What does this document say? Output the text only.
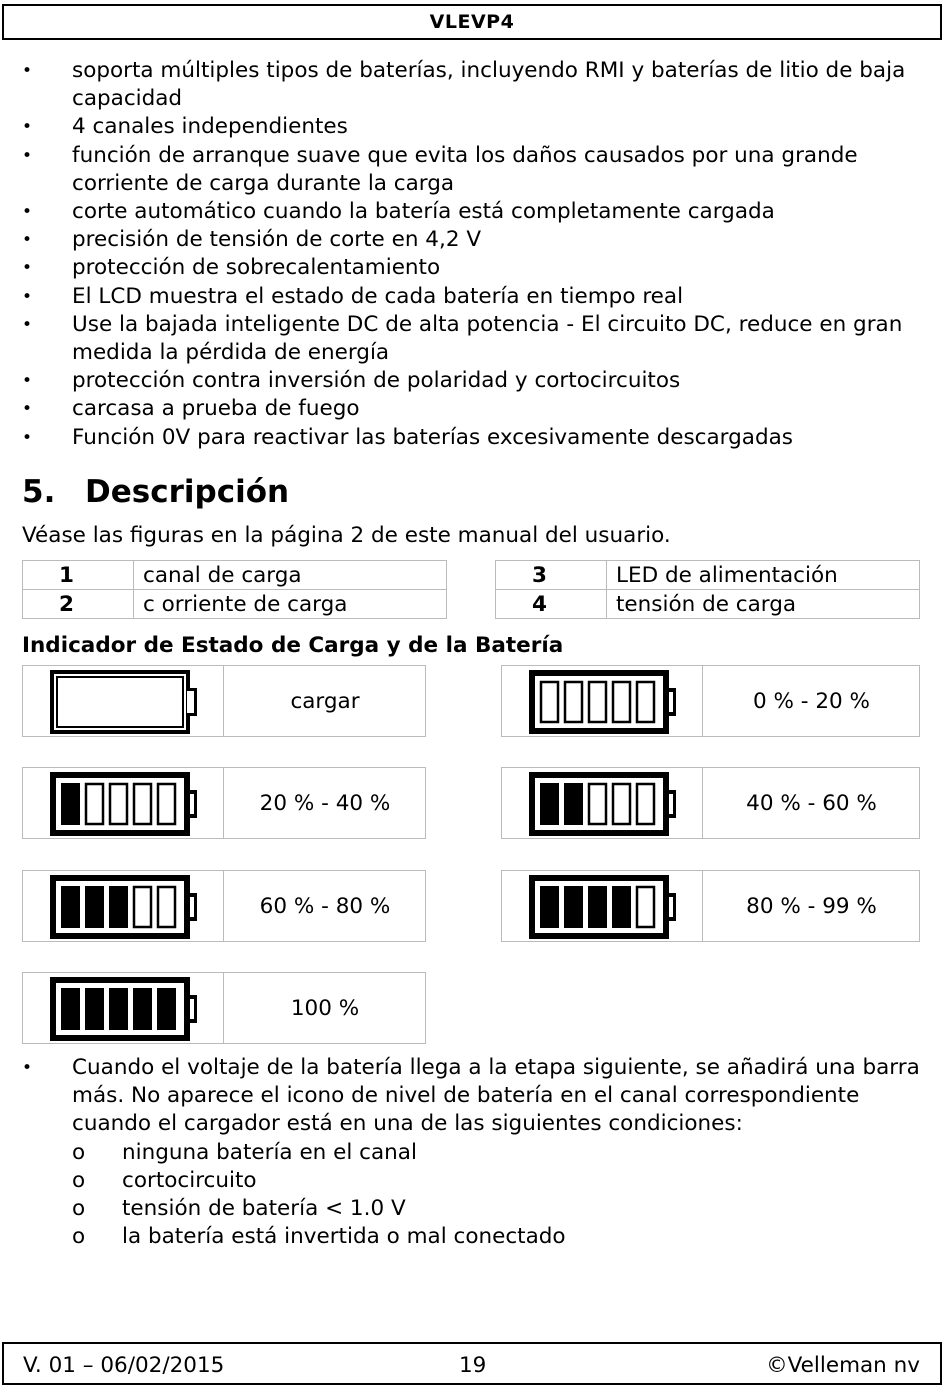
VLEVP4
• soporta múltiples tipos de baterías, incluyendo RMI y baterías de litio de baja capacidad
• 4 canales independientes
• función de arranque suave que evita los daños causados por una grande corriente de carga durante la carga
• corte automático cuando la batería está completamente cargada
• precisión de tensión de corte en 4,2 V
• protección de sobrecalentamiento
• El LCD muestra el estado de cada batería en tiempo real
• Use la bajada inteligente DC de alta potencia - El circuito DC, reduce en gran medida la pérdida de energía
• protección contra inversión de polaridad y cortocircuitos
• carcasa a prueba de fuego
• Función 0V para reactivar las baterías excesivamente descargadas
5. Descripción
Véase las figuras en la página 2 de este manual del usuario.
1	canal de carga
2	c orriente de carga
3	LED de alimentación
4	tensión de carga
Indicador de Estado de Carga y de la Batería
cargar	0 % - 20 %
20 % - 40 %	40 % - 60 %
60 % - 80 %	80 % - 99 %
100 %
• Cuando el voltaje de la batería llega a la etapa siguiente, se añadirá una barra más. No aparece el icono de nivel de batería en el canal correspondiente cuando el cargador está en una de las siguientes condiciones:
o ninguna batería en el canal
o cortocircuito
o tensión de batería < 1.0 V
o la batería está invertida o mal conectado
V. 01 – 06/02/2015	19	©Velleman nv
